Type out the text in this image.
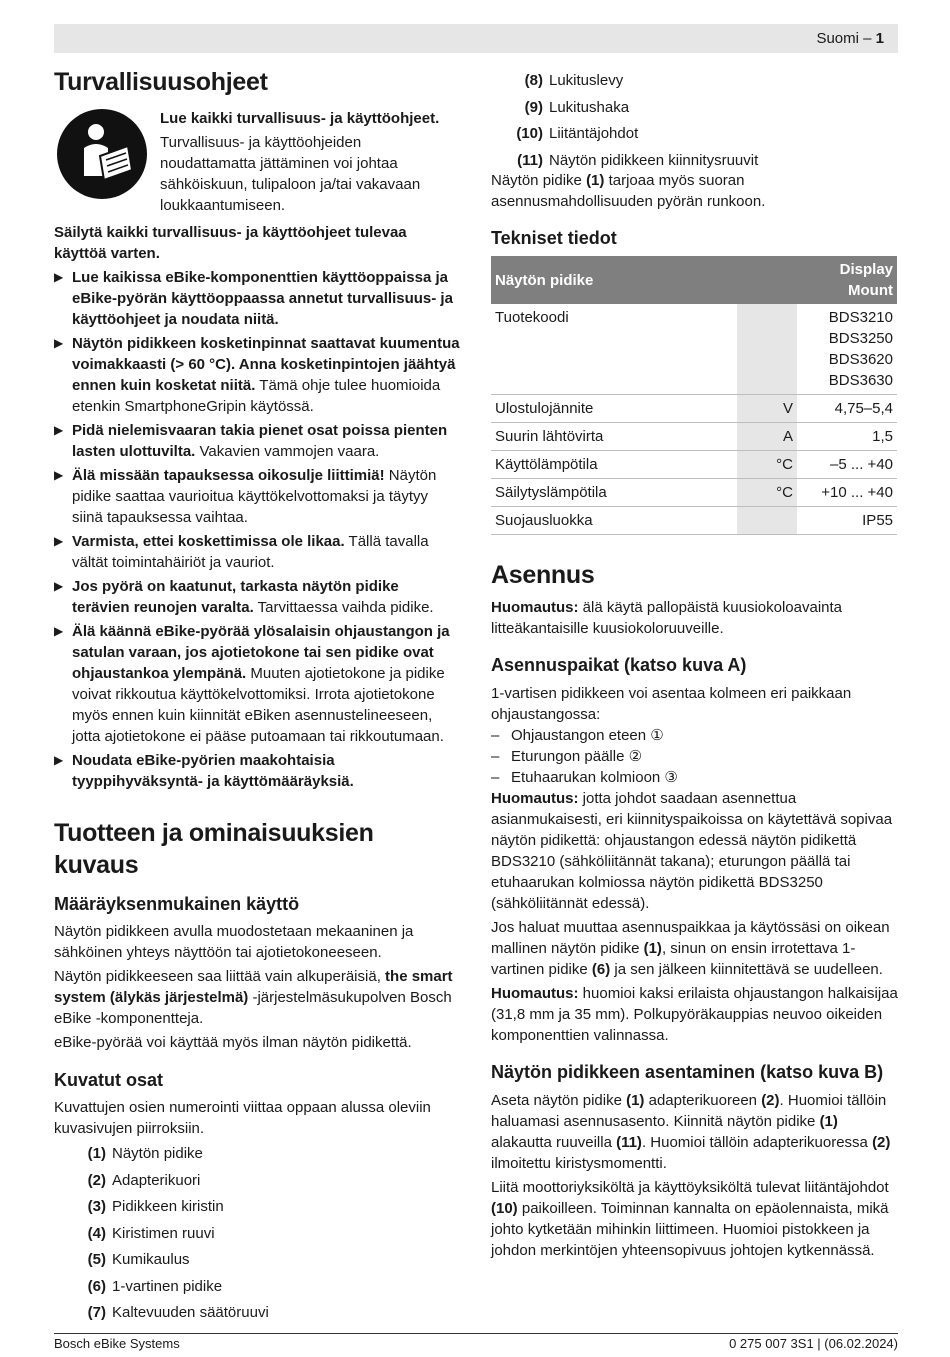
Suomi – 1
Turvallisuusohjeet

Lue kaikki turvallisuus- ja käyttöohjeet.

Turvallisuus- ja käyttöohjeiden noudattamatta jättäminen voi johtaa sähköiskuun, tulipaloon ja/tai vakavaan loukkaantumiseen.

Säilytä kaikki turvallisuus- ja käyttöohjeet tulevaa käyttöä varten.

▶ Lue kaikissa eBike-komponenttien käyttöoppaissa ja eBike-pyörän käyttöoppaassa annetut turvallisuus- ja käyttöohjeet ja noudata niitä.
▶ Näytön pidikkeen kosketinpinnat saattavat kuumentua voimakkaasti (> 60 °C). Anna kosketinpintojen jäähtyä ennen kuin kosketat niitä. Tämä ohje tulee huomioida etenkin SmartphoneGripin käytössä.
▶ Pidä nielemisvaaran takia pienet osat poissa pienten lasten ulottuvilta. Vakavien vammojen vaara.
▶ Älä missään tapauksessa oikosulje liittimiä! Näytön pidike saattaa vaurioitua käyttökelvottomaksi ja täytyy siinä tapauksessa vaihtaa.
▶ Varmista, ettei koskettimissa ole likaa. Tällä tavalla vältät toimintahäiriöt ja vauriot.
▶ Jos pyörä on kaatunut, tarkasta näytön pidike terävien reunojen varalta. Tarvittaessa vaihda pidike.
▶ Älä käännä eBike-pyörää ylösalaisin ohjaustangon ja satulan varaan, jos ajotietokone tai sen pidike ovat ohjaustankoa ylempänä. Muuten ajotietokone ja pidike voivat rikkoutua käyttökelvottomiksi. Irrota ajotietokone myös ennen kuin kiinnität eBiken asennustelineeseen, jotta ajotietokone ei pääse putoamaan tai rikkoutumaan.
▶ Noudata eBike-pyörien maakohtaisia tyyppihyväksyntä- ja käyttömääräyksiä.
Tuotteen ja ominaisuuksien kuvaus
Määräyksenmukainen käyttö

Näytön pidikkeen avulla muodostetaan mekaaninen ja sähköinen yhteys näyttöön tai ajotietokoneeseen.

Näytön pidikkeeseen saa liittää vain alkuperäisiä, the smart system (älykäs järjestelmä) -järjestelmäsukupolven Bosch eBike -komponentteja.

eBike-pyörää voi käyttää myös ilman näytön pidikettä.

Kuvatut osat

Kuvattujen osien numerointi viittaa oppaan alussa oleviin kuvasivujen piirroksiin.

(1) Näytön pidike
(2) Adapterikuori
(3) Pidikkeen kiristin
(4) Kiristimen ruuvi
(5) Kumikaulus
(6) 1-vartinen pidike
(7) Kaltevuuden säätöruuvi
(8) Lukituslevy
(9) Lukitushaka
(10) Liitäntäjohdot
(11) Näytön pidikkeen kiinnitysruuvit

Näytön pidike (1) tarjoaa myös suoran asennusmahdollisuuden pyörän runkoon.

Tekniset tiedot
Näytön pidike		Display Mount
Tuotekoodi		BDS3210
BDS3250
BDS3620
BDS3630
Ulostulojännite	V	4,75–5,4
Suurin lähtövirta	A	1,5
Käyttölämpötila	°C	–5 ... +40
Säilytyslämpötila	°C	+10 ... +40
Suojausluokka		IP55
Asennus

Huomautus: älä käytä pallopäistä kuusiokoloavainta litteäkantaisille kuusiokoloruuveille.

Asennuspaikat (katso kuva A)

1-vartisen pidikkeen voi asentaa kolmeen eri paikkaan ohjaustangossa:

– Ohjaustangon eteen ①
– Eturungon päälle ②
– Etuhaarukan kolmioon ③

Huomautus: jotta johdot saadaan asennettua asianmukaisesti, eri kiinnityspaikoissa on käytettävä sopivaa näytön pidikettä: ohjaustangon edessä näytön pidikettä BDS3210 (sähköliitännät takana); eturungon päällä tai etuhaarukan kolmiossa näytön pidikettä BDS3250 (sähköliitännät edessä).

Jos haluat muuttaa asennuspaikkaa ja käytössäsi on oikean mallinen näytön pidike (1), sinun on ensin irrotettava 1-vartinen pidike (6) ja sen jälkeen kiinnitettävä se uudelleen.

Huomautus: huomioi kaksi erilaista ohjaustangon halkaisijaa (31,8 mm ja 35 mm). Polkupyöräkauppias neuvoo oikeiden komponenttien valinnassa.

Näytön pidikkeen asentaminen (katso kuva B)

Aseta näytön pidike (1) adapterikuoreen (2). Huomioi tällöin haluamasi asennusasento. Kiinnitä näytön pidike (1) alakautta ruuveilla (11). Huomioi tällöin adapterikuoressa (2) ilmoitettu kiristysmomentti.

Liitä moottoriyksiköltä ja käyttöyksiköltä tulevat liitäntäjohdot (10) paikoilleen. Toiminnan kannalta on epäolennaista, mikä johto kytketään mihinkin liittimeen. Huomioi pistokkeen ja johdon merkintöjen yhteensopivuus johtojen kytkennässä.

Bosch eBike Systems	0 275 007 3S1 | (06.02.2024)
